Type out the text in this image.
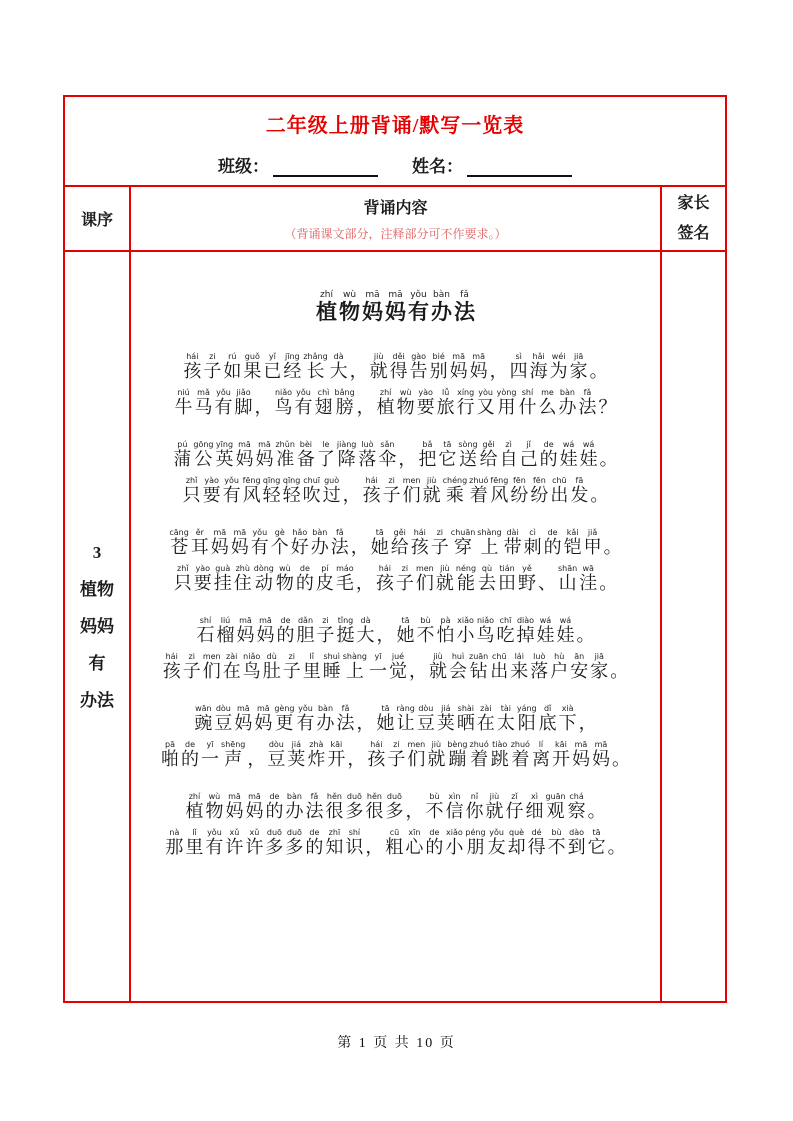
二年级上册背诵/默写一览表
班级：	姓名：
课序
背诵内容
（背诵课文部分，注释部分可不作要求。）
家长
签名
3
植物
妈妈
有
办法
植zhí物wù妈mā妈mā有yǒu办bàn法fǎ
孩hái子zi如rú果guǒ已yǐ经jīng长zhǎng大dà， 就jiù得děi告gào别bié妈mā妈mā， 四sì海hǎi为wéi家jiā。
牛niú马mǎ有yǒu脚jiǎo， 鸟niǎo有yǒu翅chì膀bǎng， 植zhí物wù要yào旅lǚ行xíng又yòu用yòng什shí么me办bàn法fǎ？
蒲pú公gōng英yīng妈mā妈mā准zhǔn备bèi了le降jiàng落luò伞sǎn， 把bǎ它tā送sòng给gěi自zì己jǐ的de娃wá娃wá。
只zhǐ要yào有yǒu风fēng轻qīng轻qīng吹chuī过guò， 孩hái子zi们men就jiù乘chéng着zhuó风fēng纷fēn纷fēn出chū发fā。
苍cāng耳ěr妈mā妈mā有yǒu个gè好hǎo办bàn法fǎ， 她tā给gěi孩hái子zi穿chuān上shàng带dài刺cì的de铠kǎi甲jiǎ。
只zhǐ要yào挂guà住zhù动dòng物wù的de皮pí毛máo， 孩hái子zi们men就jiù能néng去qù田tián野yě、 山shān洼wā。
石shí榴liú妈mā妈mā的de胆dǎn子zi挺tǐng大dà， 她tā不bù怕pà小xiǎo鸟niǎo吃chī掉diào娃wá娃wá。
孩hái子zi们men在zài鸟niǎo肚dù子zi里lǐ睡shuì上shàng一yī觉jué， 就jiù会huì钻zuān出chū来lái落luò户hù安ān家jiā。
豌wān豆dòu妈mā妈mā更gèng有yǒu办bàn法fǎ， 她tā让ràng豆dòu荚jiá晒shài在zài太tài阳yáng底dǐ下xià，
啪pā的de一yī声shēng， 豆dòu荚jiá炸zhà开kāi， 孩hái子zi们men就jiù蹦bèng着zhuó跳tiào着zhuó离lí开kāi妈mā妈mā。
植zhí物wù妈mā妈mā的de办bàn法fǎ很hěn多duō很hěn多duō， 不bù信xìn你nǐ就jiù仔zǐ细xì观guān察chá。
那nà里lǐ有yǒu许xǔ许xǔ多duō多duō的de知zhī识shí， 粗cū心xīn的de小xiǎo朋péng友yǒu却què得dé不bù到dào它tā。
第 1 页 共 10 页
